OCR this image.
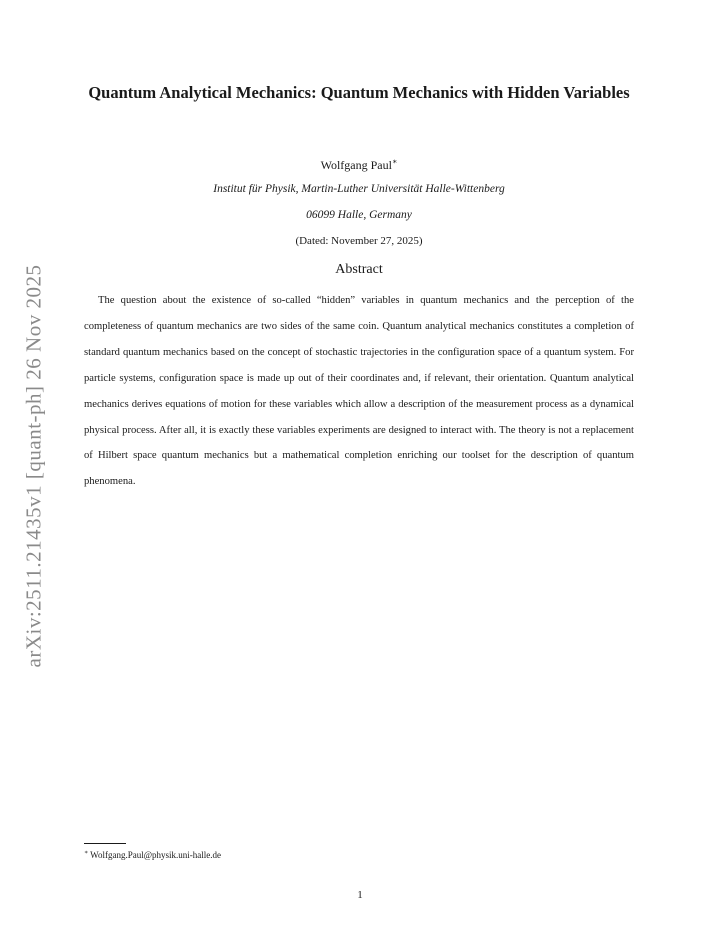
arXiv:2511.21435v1 [quant-ph] 26 Nov 2025
Quantum Analytical Mechanics: Quantum Mechanics with Hidden Variables
Wolfgang Paul∗
Institut für Physik, Martin-Luther Universität Halle-Wittenberg
06099 Halle, Germany
(Dated: November 27, 2025)
Abstract

The question about the existence of so-called “hidden” variables in quantum mechanics and the perception of the completeness of quantum mechanics are two sides of the same coin. Quantum analytical mechanics constitutes a completion of standard quantum mechanics based on the concept of stochastic trajectories in the configuration space of a quantum system. For particle systems, configuration space is made up out of their coordinates and, if relevant, their orientation. Quantum analytical mechanics derives equations of motion for these variables which allow a description of the measurement process as a dynamical physical process. After all, it is exactly these variables experiments are designed to interact with. The theory is not a replacement of Hilbert space quantum mechanics but a mathematical completion enriching our toolset for the description of quantum phenomena.

∗ Wolfgang.Paul@physik.uni-halle.de
1
